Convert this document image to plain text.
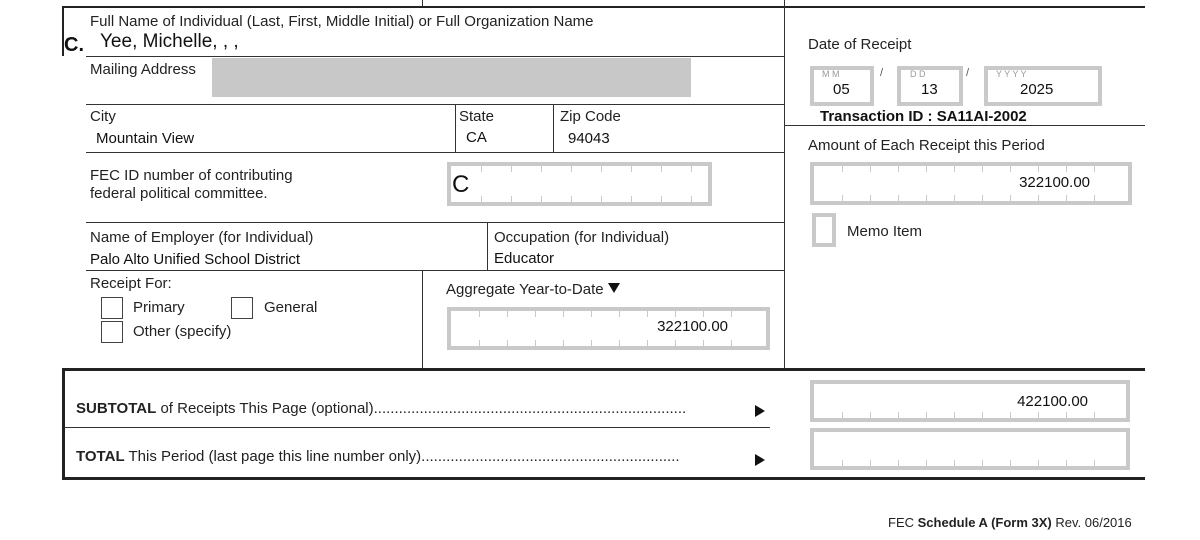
Full Name of Individual (Last, First, Middle Initial) or Full Organization Name
C. Yee, Michelle, , ,
Mailing Address
City
Mountain View
State
CA
Zip Code
94043
FEC ID number of contributing
federal political committee.	C
Name of Employer (for Individual)
Palo Alto Unified School District
Occupation (for Individual)
Educator
Receipt For:
Primary	General
Other (specify)
Aggregate Year-to-Date
322100.00
Date of Receipt
M M
05
/	D D
13
/	Y Y Y Y
2025
Transaction ID : SA11AI-2002
Amount of Each Receipt this Period
322100.00
Memo Item
SUBTOTAL of Receipts This Page (optional)...........................................................................	422100.00
TOTAL This Period (last page this line number only)..............................................................
FEC Schedule A (Form 3X) Rev. 06/2016
